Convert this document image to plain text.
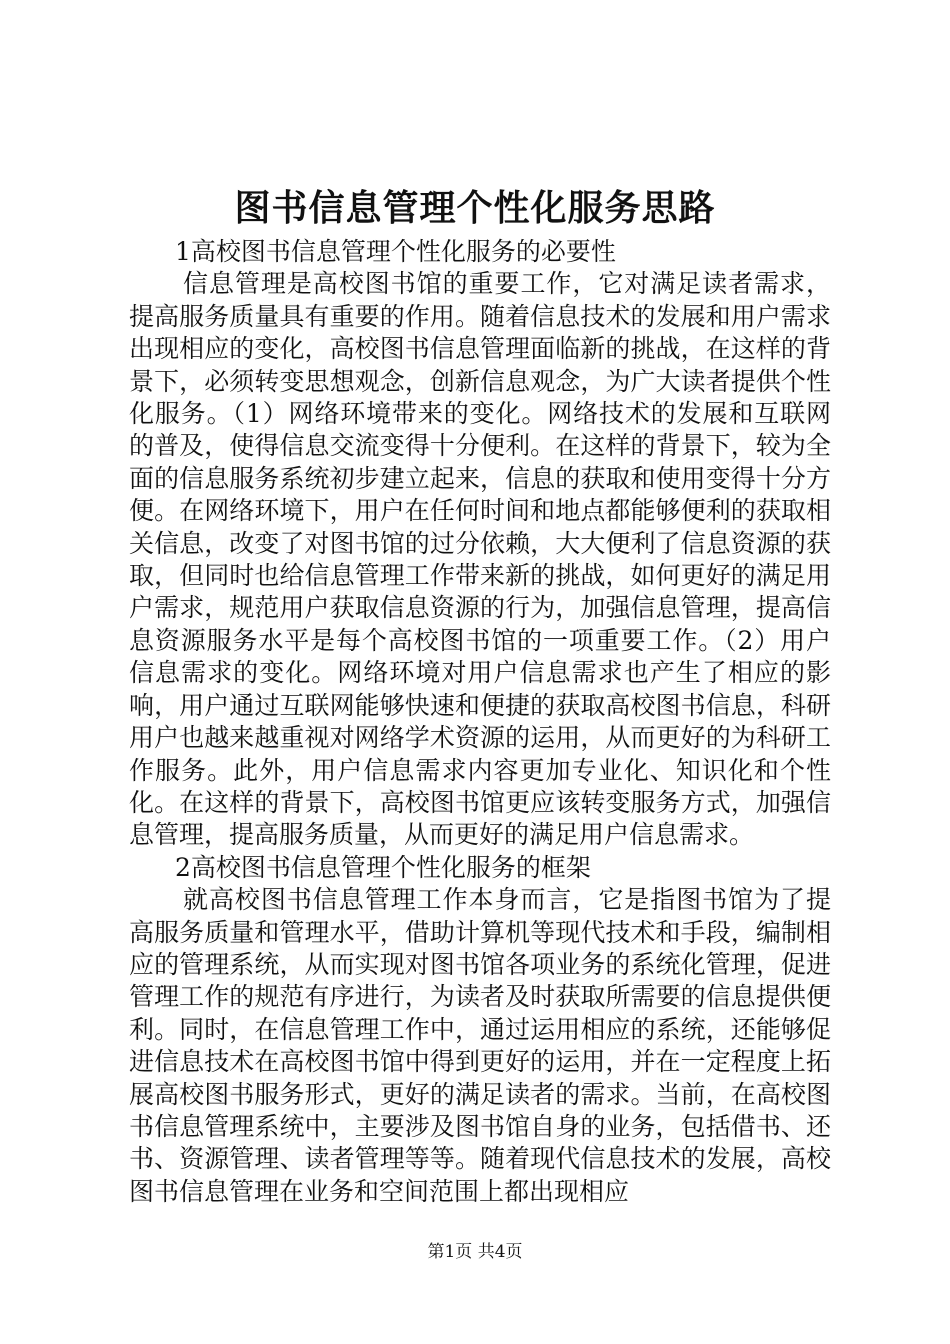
图书信息管理个性化服务思路

1高校图书信息管理个性化服务的必要性

信息管理是高校图书馆的重要工作，它对满足读者需求，提高服务质量具有重要的作用。随着信息技术的发展和用户需求出现相应的变化，高校图书信息管理面临新的挑战，在这样的背景下，必须转变思想观念，创新信息观念，为广大读者提供个性化服务。（1）网络环境带来的变化。网络技术的发展和互联网的普及，使得信息交流变得十分便利。在这样的背景下，较为全面的信息服务系统初步建立起来，信息的获取和使用变得十分方便。在网络环境下，用户在任何时间和地点都能够便利的获取相关信息，改变了对图书馆的过分依赖，大大便利了信息资源的获取，但同时也给信息管理工作带来新的挑战，如何更好的满足用户需求，规范用户获取信息资源的行为，加强信息管理，提高信息资源服务水平是每个高校图书馆的一项重要工作。（2）用户信息需求的变化。网络环境对用户信息需求也产生了相应的影响，用户通过互联网能够快速和便捷的获取高校图书信息，科研用户也越来越重视对网络学术资源的运用，从而更好的为科研工作服务。此外，用户信息需求内容更加专业化、知识化和个性化。在这样的背景下，高校图书馆更应该转变服务方式，加强信息管理，提高服务质量，从而更好的满足用户信息需求。

2高校图书信息管理个性化服务的框架

就高校图书信息管理工作本身而言，它是指图书馆为了提高服务质量和管理水平，借助计算机等现代技术和手段，编制相应的管理系统，从而实现对图书馆各项业务的系统化管理，促进管理工作的规范有序进行，为读者及时获取所需要的信息提供便利。同时，在信息管理工作中，通过运用相应的系统，还能够促进信息技术在高校图书馆中得到更好的运用，并在一定程度上拓展高校图书服务形式，更好的满足读者的需求。当前，在高校图书信息管理系统中，主要涉及图书馆自身的业务，包括借书、还书、资源管理、读者管理等等。随着现代信息技术的发展，高校图书信息管理在业务和空间范围上都出现相应

第1页 共4页
